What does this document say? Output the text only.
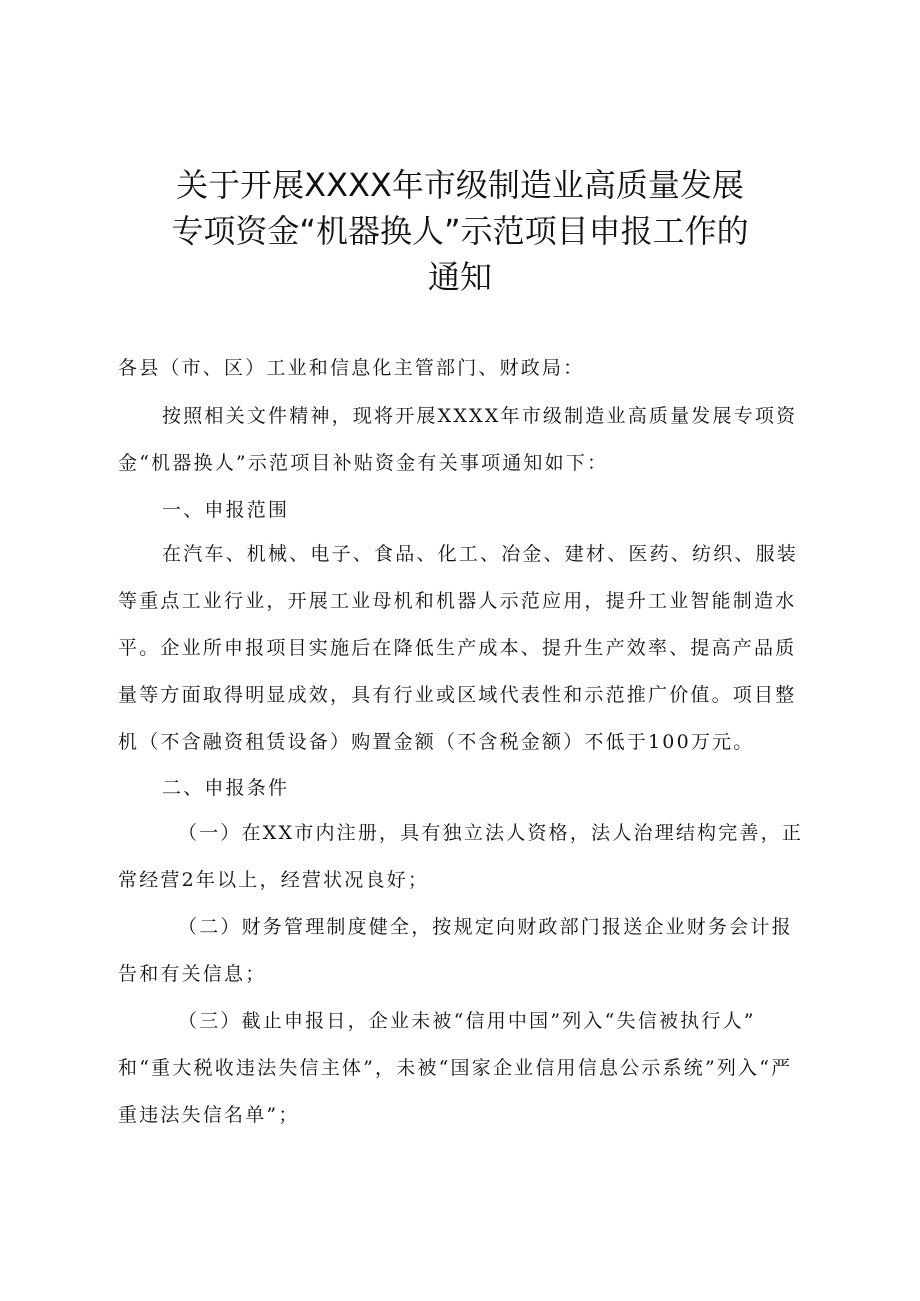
关于开展XXXX年市级制造业高质量发展
专项资金“机器换人”示范项目申报工作的
通知
各县（市、区）工业和信息化主管部门、财政局：
按照相关文件精神，现将开展XXXX年市级制造业高质量发展专项资
金“机器换人”示范项目补贴资金有关事项通知如下：
一、申报范围
在汽车、机械、电子、食品、化工、冶金、建材、医药、纺织、服装
等重点工业行业，开展工业母机和机器人示范应用，提升工业智能制造水
平。企业所申报项目实施后在降低生产成本、提升生产效率、提高产品质
量等方面取得明显成效，具有行业或区域代表性和示范推广价值。项目整
机（不含融资租赁设备）购置金额（不含税金额）不低于100万元。
二、申报条件
（一）在XX市内注册，具有独立法人资格，法人治理结构完善，正
常经营2年以上，经营状况良好；
（二）财务管理制度健全，按规定向财政部门报送企业财务会计报
告和有关信息；
（三）截止申报日，企业未被“信用中国”列入“失信被执行人”
和“重大税收违法失信主体”，未被“国家企业信用信息公示系统”列入“严
重违法失信名单”；
